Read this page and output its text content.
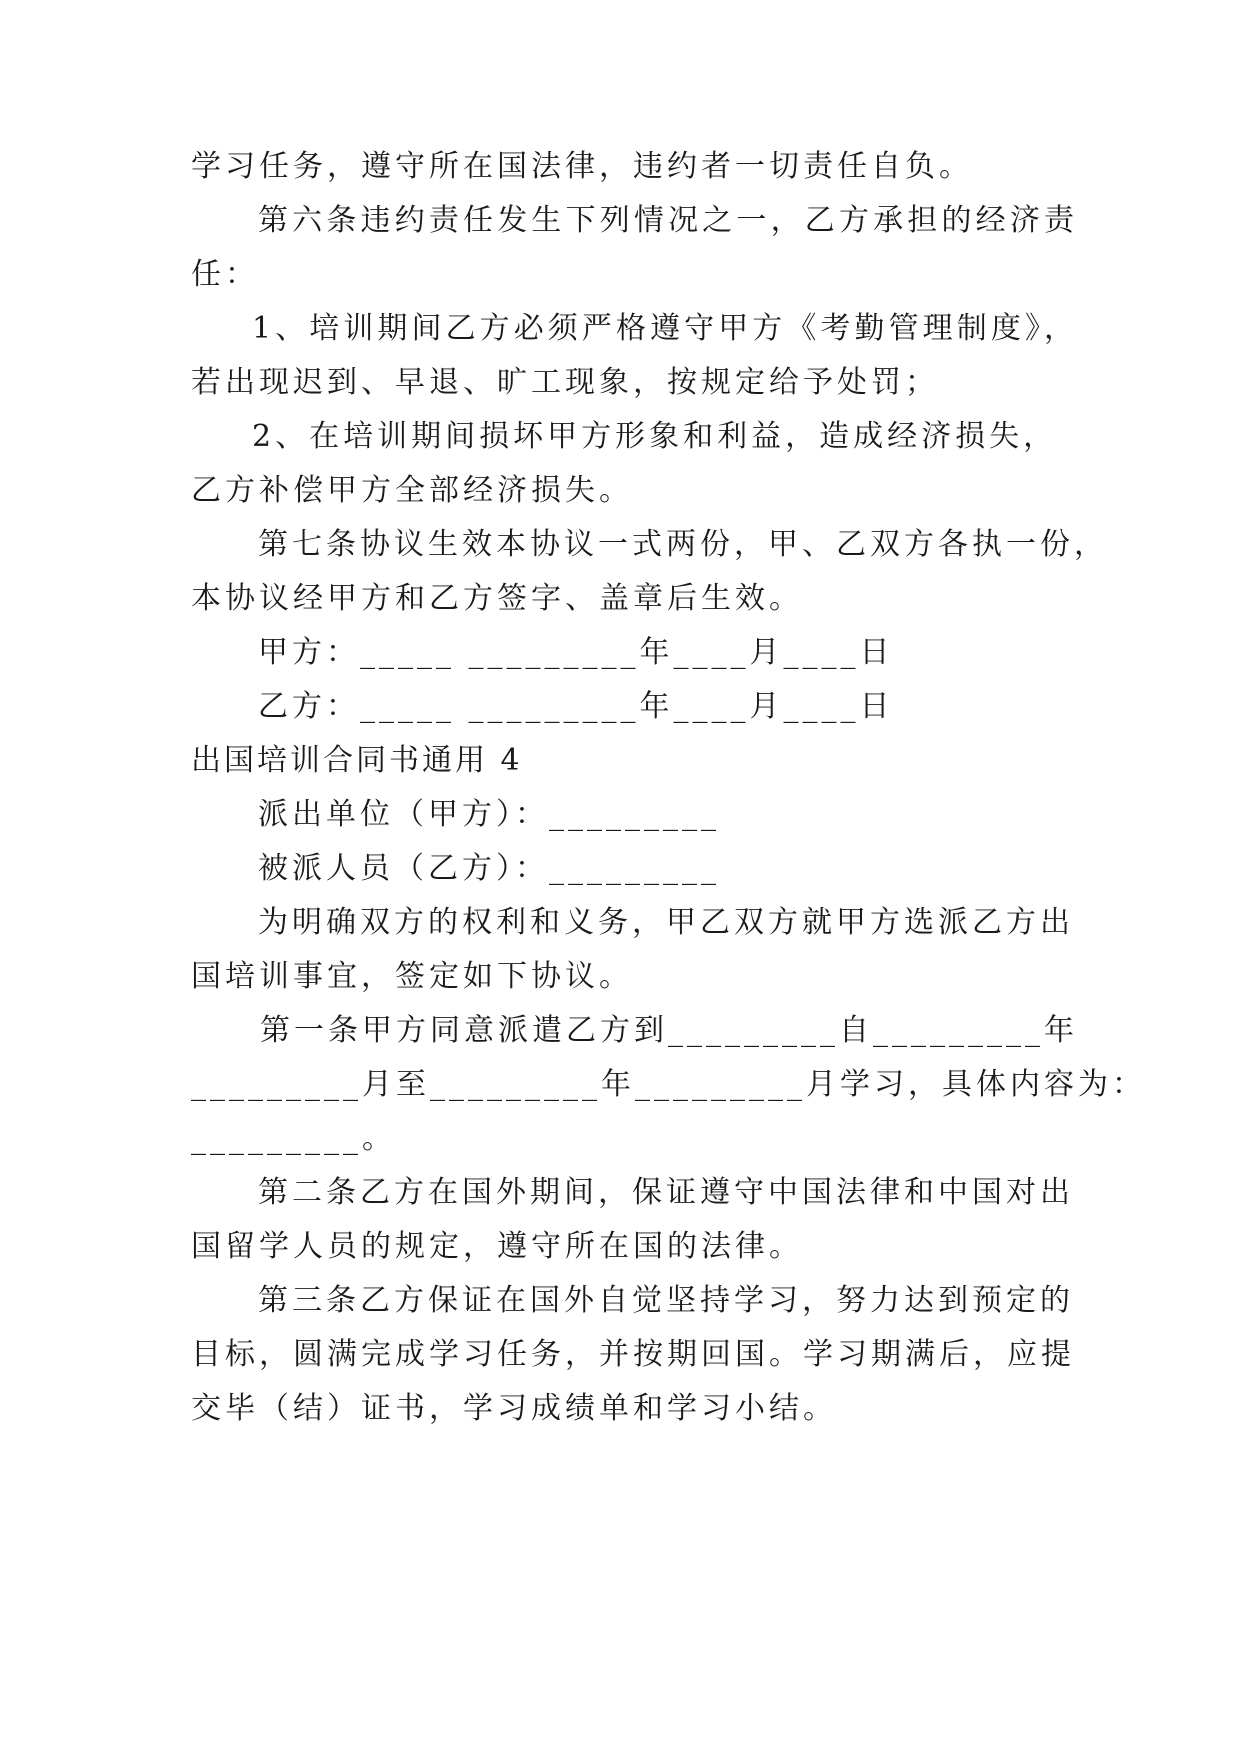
学习任务，遵守所在国法律，违约者一切责任自负。
第六条违约责任发生下列情况之一，乙方承担的经济责
任：
1、培训期间乙方必须严格遵守甲方《考勤管理制度》，
若出现迟到、早退、旷工现象，按规定给予处罚；
2、在培训期间损坏甲方形象和利益，造成经济损失，
乙方补偿甲方全部经济损失。
第七条协议生效本协议一式两份，甲、乙双方各执一份，
本协议经甲方和乙方签字、盖章后生效。
甲方：_____ _________年____月____日
乙方：_____ _________年____月____日
出国培训合同书通用 4
派出单位（甲方）：_________
被派人员（乙方）：_________
为明确双方的权利和义务，甲乙双方就甲方选派乙方出
国培训事宜，签定如下协议。
第一条甲方同意派遣乙方到_________自_________年
_________月至_________年_________月学习，具体内容为：
_________。
第二条乙方在国外期间，保证遵守中国法律和中国对出
国留学人员的规定，遵守所在国的法律。
第三条乙方保证在国外自觉坚持学习，努力达到预定的
目标，圆满完成学习任务，并按期回国。学习期满后，应提
交毕（结）证书，学习成绩单和学习小结。
